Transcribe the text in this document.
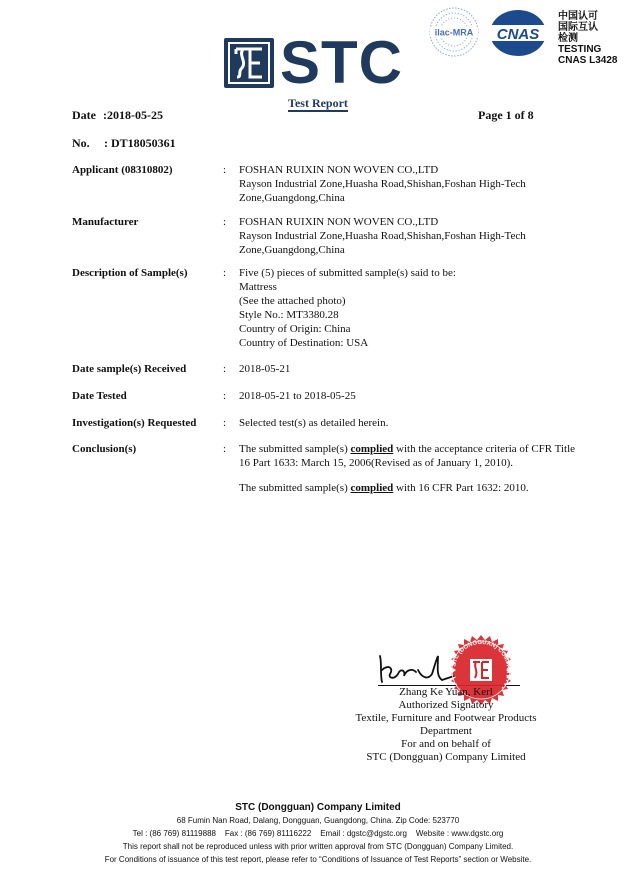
STC	ilac-MRA CNAS
中国认可
国际互认
检测
TESTING
CNAS L3428
Test Report
Date :2018-05-25	Page 1 of 8
No. : DT18050361
Applicant (08310802)	: FOSHAN RUIXIN NON WOVEN CO.,LTD
Rayson Industrial Zone,Huasha Road,Shishan,Foshan High-Tech
Zone,Guangdong,China
Manufacturer	: FOSHAN RUIXIN NON WOVEN CO.,LTD
Rayson Industrial Zone,Huasha Road,Shishan,Foshan High-Tech
Zone,Guangdong,China
Description of Sample(s)	: Five (5) pieces of submitted sample(s) said to be:
Mattress
(See the attached photo)
Style No.: MT3380.28
Country of Origin: China
Country of Destination: USA
Date sample(s) Received	: 2018-05-21
Date Tested	: 2018-05-21 to 2018-05-25
Investigation(s) Requested : Selected test(s) as detailed herein.
Conclusion(s)	: The submitted sample(s) complied with the acceptance criteria of CFR Title
16 Part 1633: March 15, 2006(Revised as of January 1, 2010).
The submitted sample(s) complied with 16 CFR Part 1632: 2010.
STC (DONGGUAN) COMPANY • • •
Zhang Ke Yuan, Kerl
Authorized Signatory
Textile, Furniture and Footwear Products Department
For and on behalf of
STC (Dongguan) Company Limited
STC (Dongguan) Company Limited
68 Fumin Nan Road, Dalang, Dongguan, Guangdong, China. Zip Code: 523770
Tel : (86 769) 81119888    Fax : (86 769) 81116222    Email : dgstc@dgstc.org    Website : www.dgstc.org
This report shall not be reproduced unless with prior written approval from STC (Dongguan) Company Limited.
For Conditions of issuance of this test report, please refer to “Conditions of Issuance of Test Reports” section or Website.
